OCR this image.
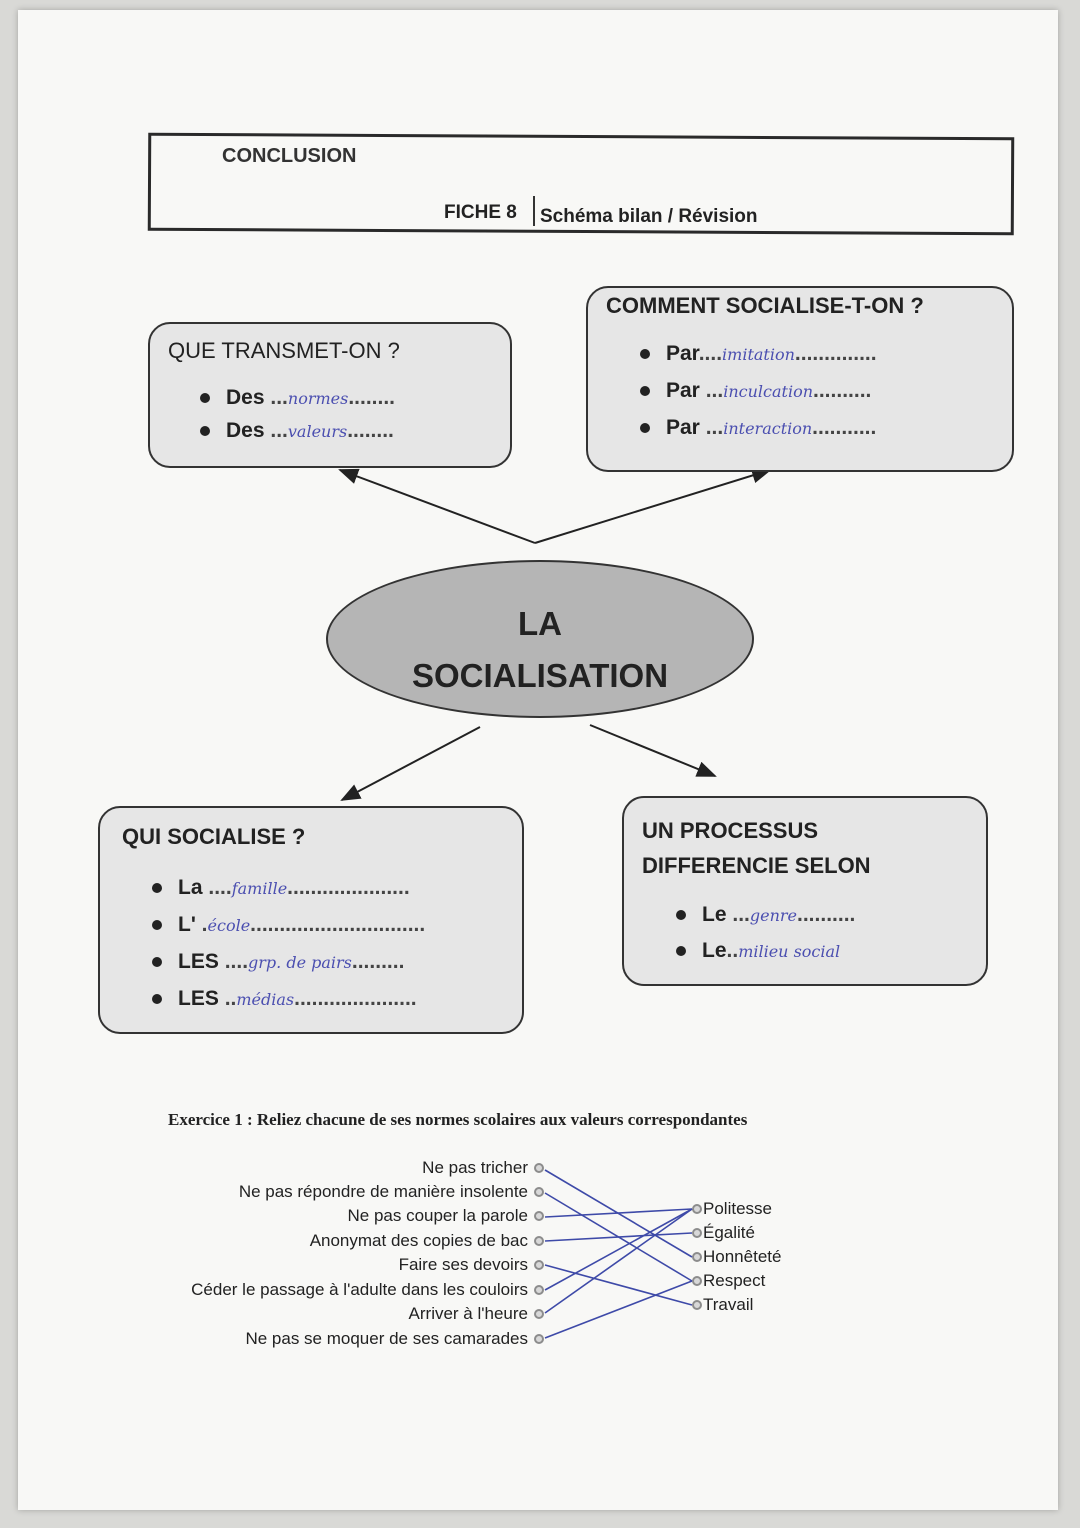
CONCLUSION
FICHE 8 Schéma bilan / Révision
LA
SOCIALISATION
QUE TRANSMET-ON ?
Des ...normes........
Des ...valeurs........
COMMENT SOCIALISE-T-ON ?
Par....imitation..............
Par ...inculcation..........
Par ...interaction...........
QUI SOCIALISE ?
La ....famille.....................
L' .école..............................
LES ....grp. de pairs.........
LES ..médias.....................
UN PROCESSUS
DIFFERENCIE SELON
Le ...genre..........
Le..milieu social
Exercice 1 : Reliez chacune de ses normes scolaires aux valeurs correspondantes
Ne pas tricher
Ne pas répondre de manière insolente
Ne pas couper la parole
Anonymat des copies de bac
Faire ses devoirs
Céder le passage à l'adulte dans les couloirs
Arriver à l'heure
Ne pas se moquer de ses camarades
Politesse
Égalité
Honnêteté
Respect
Travail
